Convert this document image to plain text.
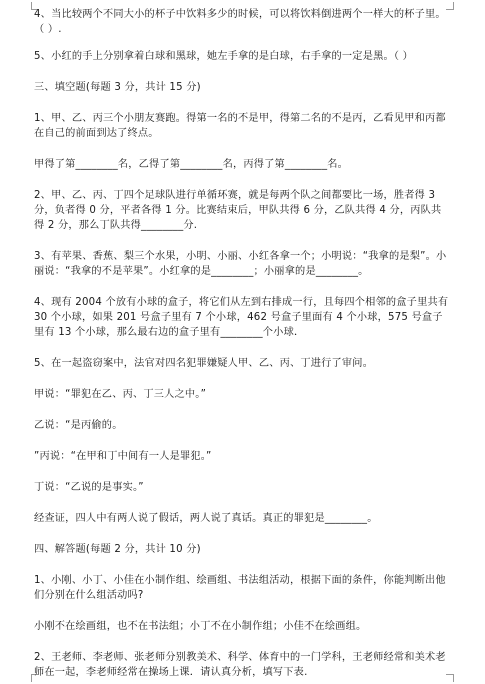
4、当比较两个不同大小的杯子中饮料多少的时候，可以将饮料倒进两个一样大的杯子里。（ ）.

5、小红的手上分别拿着白球和黑球，她左手拿的是白球，右手拿的一定是黑。（ ）

三、填空题(每题 3 分，共计 15 分)

1、甲、乙、丙三个小朋友赛跑。得第一名的不是甲，得第二名的不是丙，乙看见甲和丙都在自己的前面到达了终点。

甲得了第________名，乙得了第________名，丙得了第________名。

2、甲、乙、丙、丁四个足球队进行单循环赛，就是每两个队之间都要比一场，胜者得 3 分，负者得 0 分，平者各得 1 分。比赛结束后，甲队共得 6 分，乙队共得 4 分，丙队共得 2 分，那么丁队共得________分.

3、有苹果、香蕉、梨三个水果，小明、小丽、小红各拿一个；小明说：“我拿的是梨”。小丽说：“我拿的不是苹果”。小红拿的是________；小丽拿的是________。

4、现有 2004 个放有小球的盒子，将它们从左到右排成一行，且每四个相邻的盒子里共有 30 个小球，如果 201 号盒子里有 7 个小球，462 号盒子里面有 4 个小球，575 号盒子里有 13 个小球，那么最右边的盒子里有________个小球．

5、在一起盗窃案中，法官对四名犯罪嫌疑人甲、乙、丙、丁进行了审问。

甲说：“罪犯在乙、丙、丁三人之中。”

乙说：“是丙偷的。

”丙说：“在甲和丁中间有一人是罪犯。”

丁说：“乙说的是事实。”

经查证，四人中有两人说了假话，两人说了真话。真正的罪犯是________。

四、解答题(每题 2 分，共计 10 分)

1、小刚、小丁、小佳在小制作组、绘画组、书法组活动，根据下面的条件，你能判断出他们分别在什么组活动吗?

小刚不在绘画组，也不在书法组；小丁不在小制作组；小佳不在绘画组。

2、王老师、李老师、张老师分别教美术、科学、体育中的一门学科，王老师经常和美术老师在一起，李老师经常在操场上课．请认真分析，填写下表.
